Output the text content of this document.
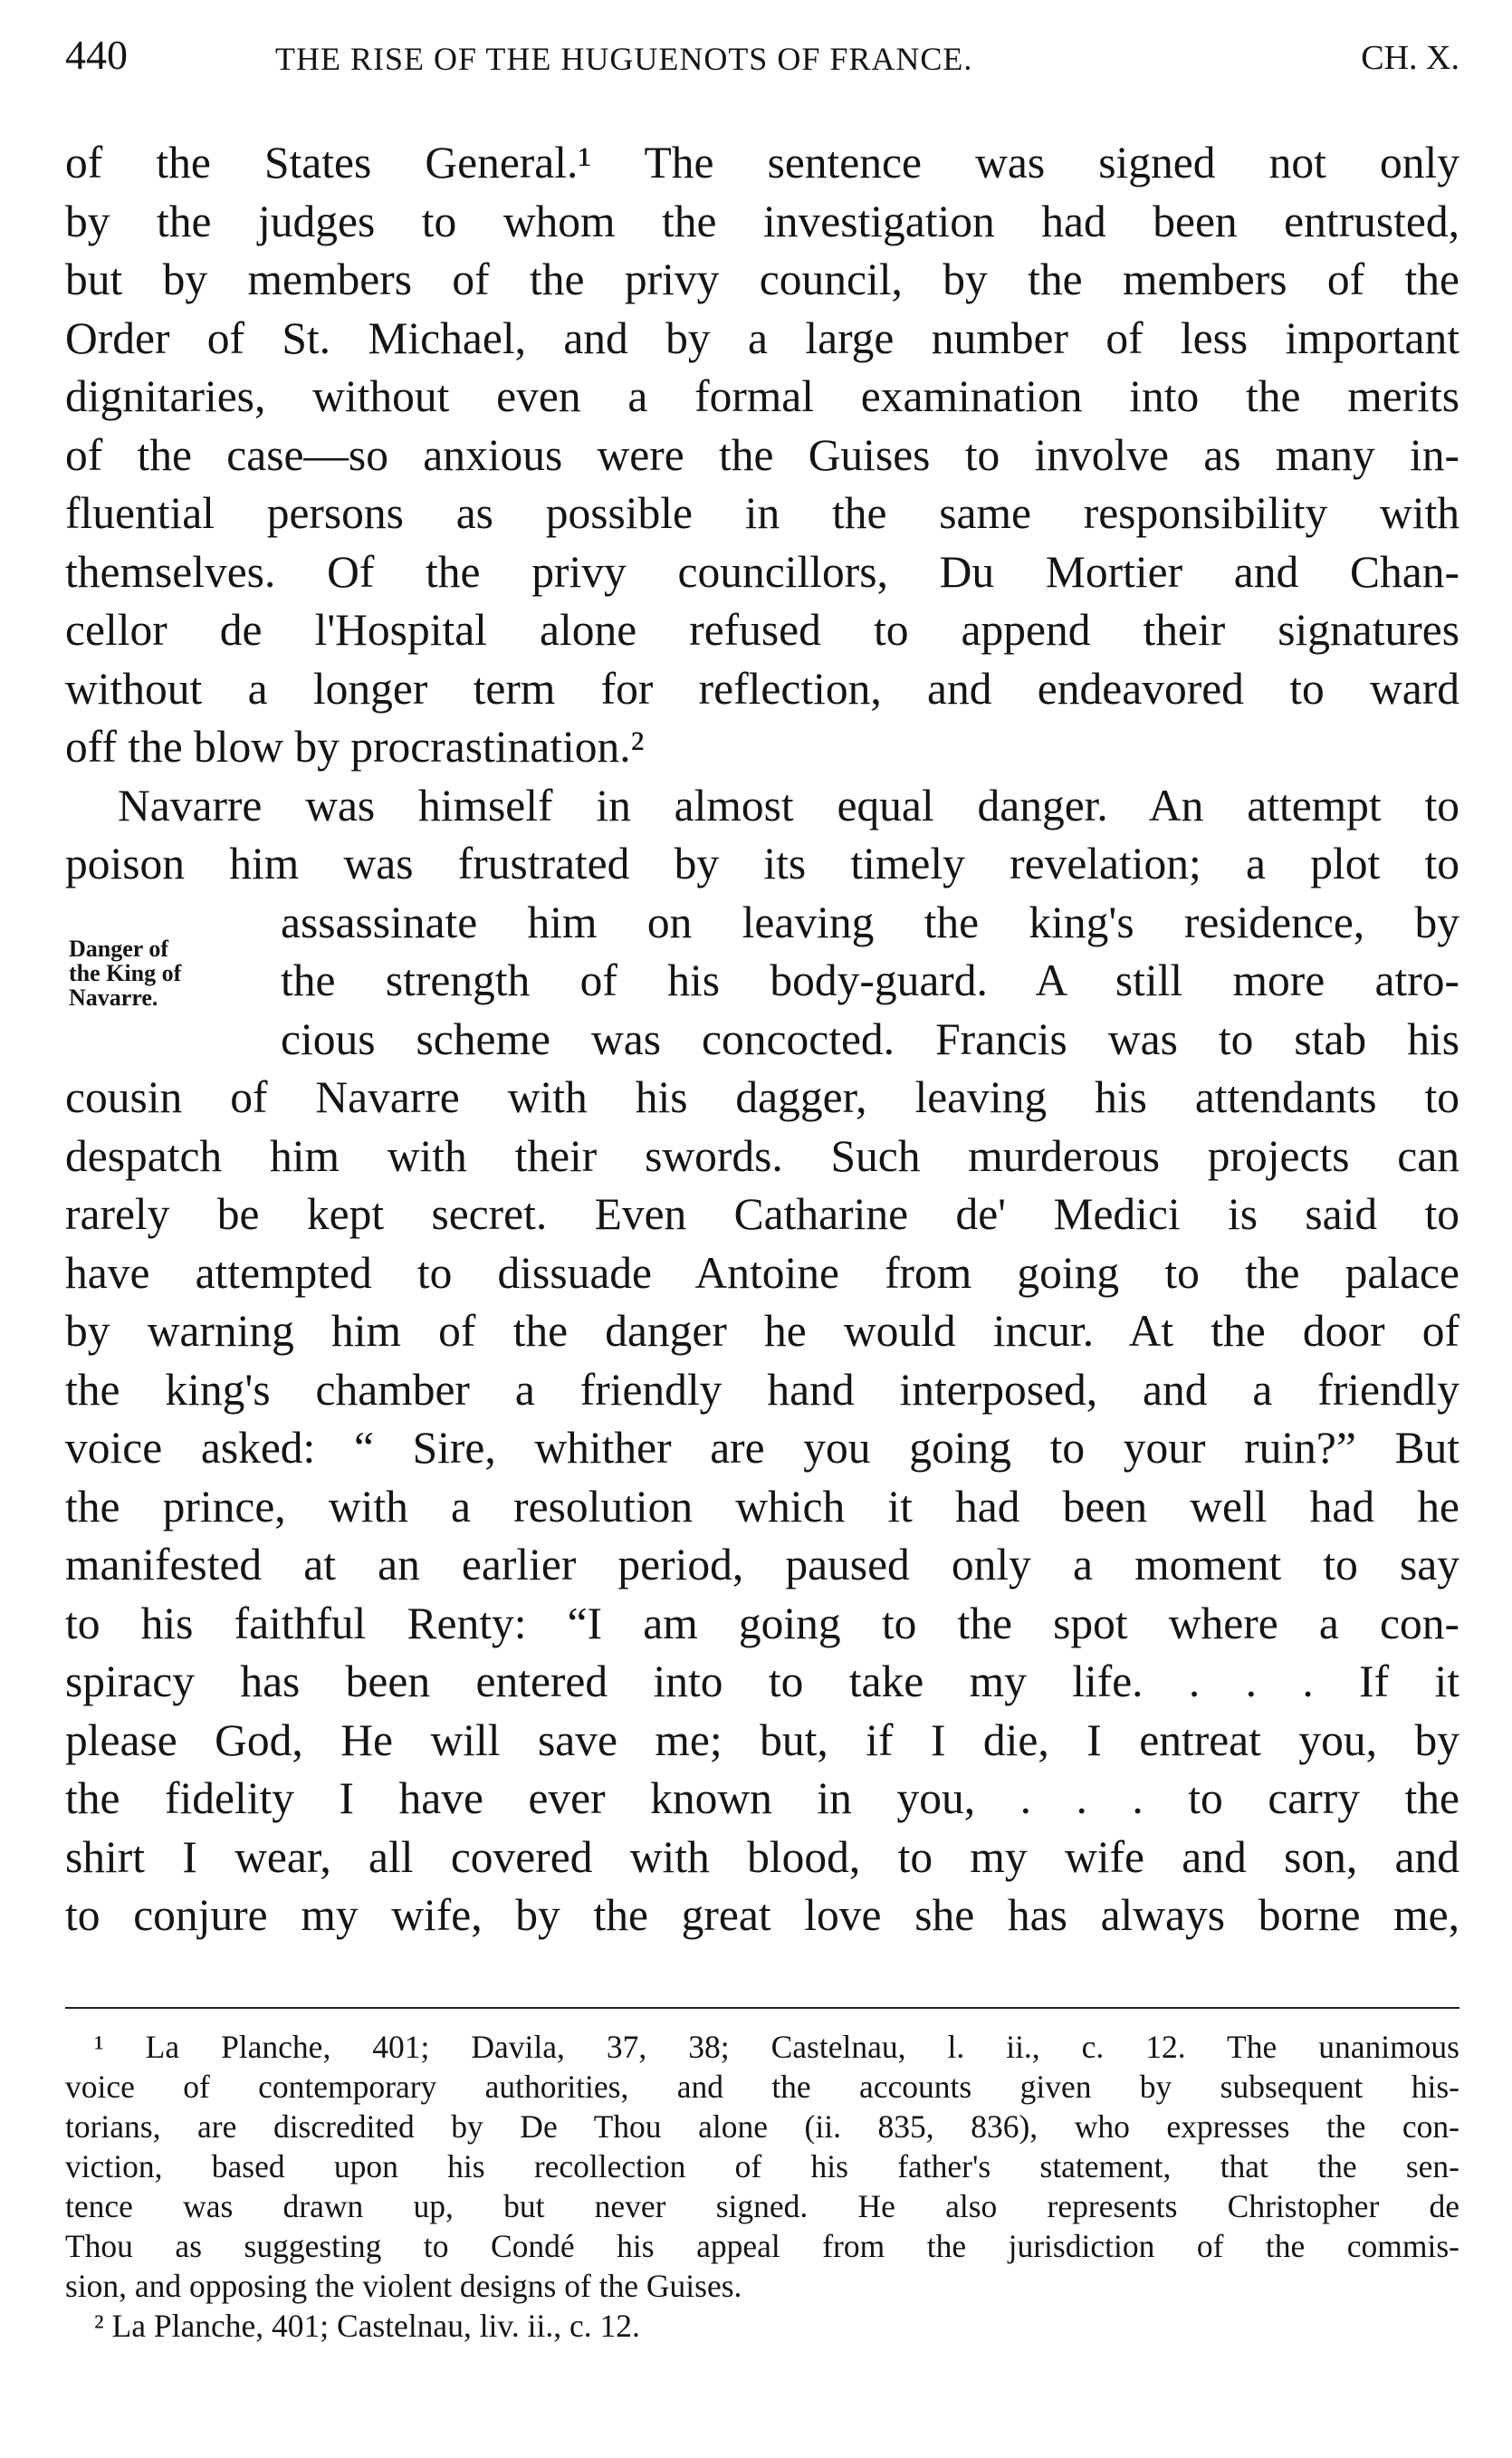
440	THE RISE OF THE HUGUENOTS OF FRANCE.	CH. X.
of the States General.¹ The sentence was signed not only
by the judges to whom the investigation had been entrusted,
but by members of the privy council, by the members of the
Order of St. Michael, and by a large number of less important
dignitaries, without even a formal examination into the merits
of the case—so anxious were the Guises to involve as many in-
fluential persons as possible in the same responsibility with
themselves. Of the privy councillors, Du Mortier and Chan-
cellor de l'Hospital alone refused to append their signatures
without a longer term for reflection, and endeavored to ward
off the blow by procrastination.²
Navarre was himself in almost equal danger. An attempt to
poison him was frustrated by its timely revelation; a plot to
assassinate him on leaving the king's residence, by
the strength of his body-guard. A still more atro-
cious scheme was concocted. Francis was to stab his
cousin of Navarre with his dagger, leaving his attendants to
despatch him with their swords. Such murderous projects can
rarely be kept secret. Even Catharine de' Medici is said to
have attempted to dissuade Antoine from going to the palace
by warning him of the danger he would incur. At the door of
the king's chamber a friendly hand interposed, and a friendly
voice asked: “ Sire, whither are you going to your ruin?” But
the prince, with a resolution which it had been well had he
manifested at an earlier period, paused only a moment to say
to his faithful Renty: “I am going to the spot where a con-
spiracy has been entered into to take my life. . . . If it
please God, He will save me; but, if I die, I entreat you, by
the fidelity I have ever known in you, . . . to carry the
shirt I wear, all covered with blood, to my wife and son, and
to conjure my wife, by the great love she has always borne me,
Danger of
the King of
Navarre.
¹ La Planche, 401; Davila, 37, 38; Castelnau, l. ii., c. 12. The unanimous
voice of contemporary authorities, and the accounts given by subsequent his-
torians, are discredited by De Thou alone (ii. 835, 836), who expresses the con-
viction, based upon his recollection of his father's statement, that the sen-
tence was drawn up, but never signed. He also represents Christopher de
Thou as suggesting to Condé his appeal from the jurisdiction of the commis-
sion, and opposing the violent designs of the Guises.
² La Planche, 401; Castelnau, liv. ii., c. 12.
